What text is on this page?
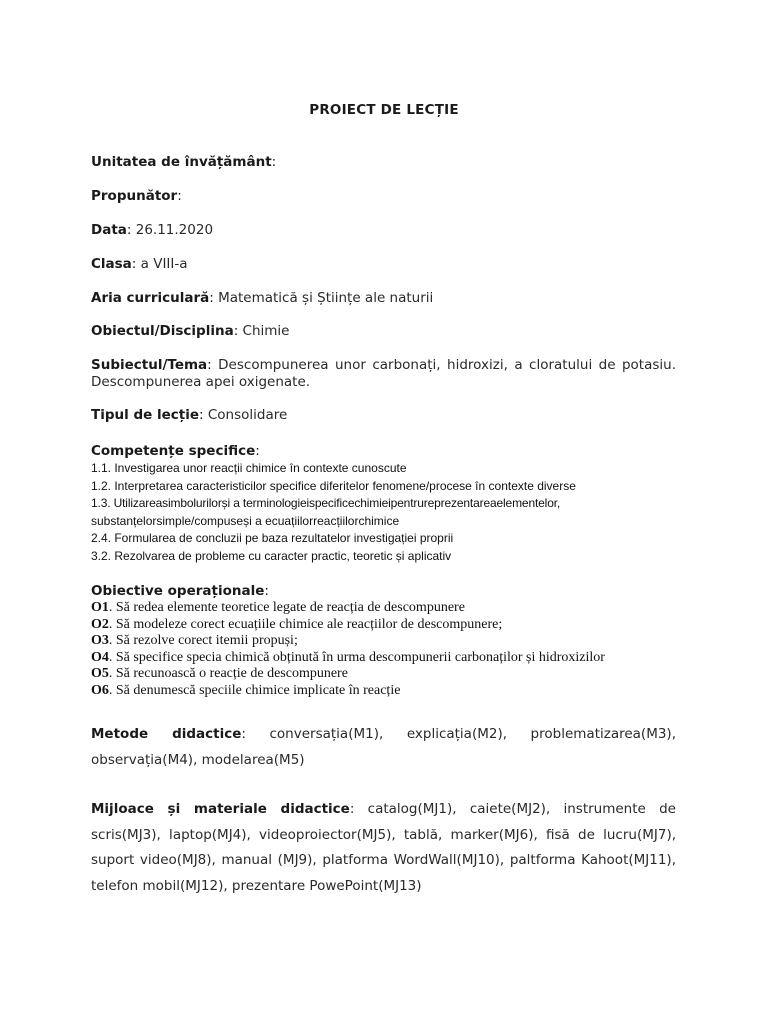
PROIECT DE LECȚIE
Unitatea de învățământ:
Propunător:
Data: 26.11.2020
Clasa: a VIII-a
Aria curriculară: Matematică și Științe ale naturii
Obiectul/Disciplina: Chimie
Subiectul/Tema: Descompunerea unor carbonați, hidroxizi, a cloratului de potasiu. Descompunerea apei oxigenate.
Tipul de lecție: Consolidare
Competențe specifice:
1.1. Investigarea unor reacții chimice în contexte cunoscute
1.2. Interpretarea caracteristicilor specifice diferitelor fenomene/procese în contexte diverse
1.3. Utilizareasimbolurilorși a terminologieispecificechimieipentrureprezentareaelementelor,
substanțelorsimple/compuseși a ecuațiilorreacțiilorchimice
2.4. Formularea de concluzii pe baza rezultatelor investigației proprii
3.2. Rezolvarea de probleme cu caracter practic, teoretic și aplicativ
Obiective operaționale:
O1. Să redea elemente teoretice legate de reacția de descompunere
O2. Să modeleze corect ecuațiile chimice ale reacțiilor de descompunere;
O3. Să rezolve corect itemii propuși;
O4. Să specifice specia chimică obținută în urma descompunerii carbonaților și hidroxizilor
O5. Să recunoască o reacție de descompunere
O6. Să denumescă speciile chimice implicate în reacție
Metode didactice: conversația(M1), explicația(M2), problematizarea(M3), observația(M4), modelarea(M5)
Mijloace și materiale didactice: catalog(MJ1), caiete(MJ2), instrumente de scris(MJ3), laptop(MJ4), videoproiector(MJ5), tablă, marker(MJ6), fisă de lucru(MJ7), suport video(MJ8), manual (MJ9), platforma WordWall(MJ10), paltforma Kahoot(MJ11), telefon mobil(MJ12), prezentare PowePoint(MJ13)
